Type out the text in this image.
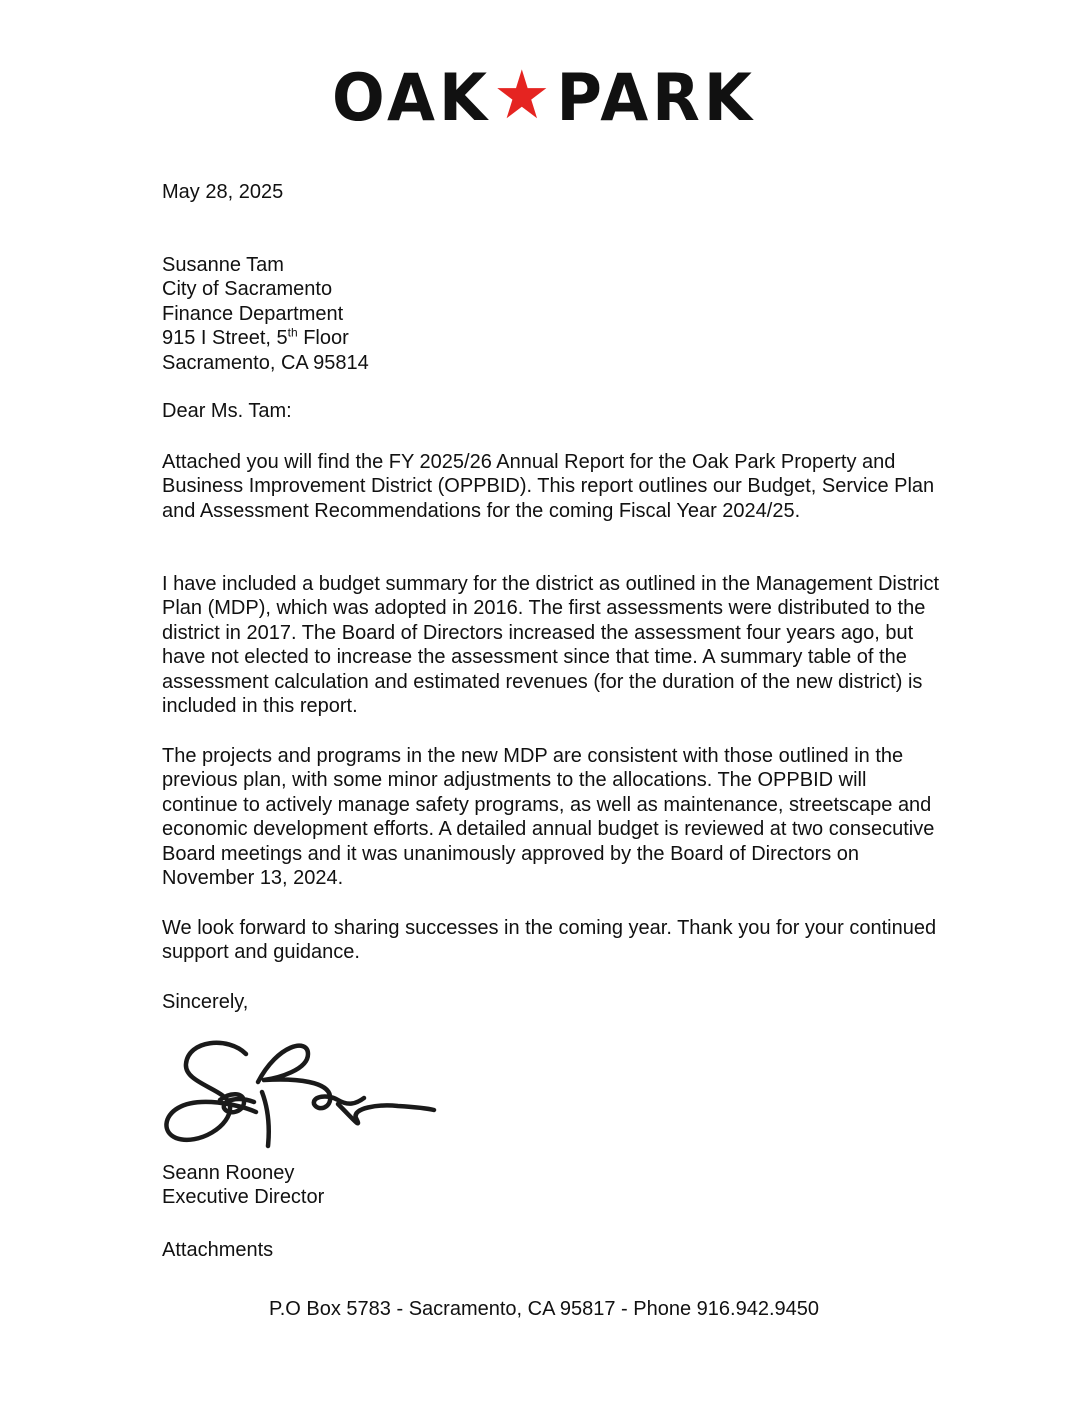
OAK★PARK

May 28, 2025

Susanne Tam

City of Sacramento

Finance Department

915 I Street, 5th Floor

Sacramento, CA 95814

Dear Ms. Tam:

Attached you will find the FY 2025/26 Annual Report for the Oak Park Property and Business Improvement District (OPPBID). This report outlines our Budget, Service Plan and Assessment Recommendations for the coming Fiscal Year 2024/25.

I have included a budget summary for the district as outlined in the Management District Plan (MDP), which was adopted in 2016. The first assessments were distributed to the district in 2017. The Board of Directors increased the assessment four years ago, but have not elected to increase the assessment since that time. A summary table of the assessment calculation and estimated revenues (for the duration of the new district) is included in this report.

The projects and programs in the new MDP are consistent with those outlined in the previous plan, with some minor adjustments to the allocations. The OPPBID will continue to actively manage safety programs, as well as maintenance, streetscape and economic development efforts. A detailed annual budget is reviewed at two consecutive Board meetings and it was unanimously approved by the Board of Directors on November 13, 2024.

We look forward to sharing successes in the coming year. Thank you for your continued support and guidance.

Sincerely,

Seann Rooney

Executive Director

Attachments

P.O Box 5783 - Sacramento, CA 95817 - Phone 916.942.9450
